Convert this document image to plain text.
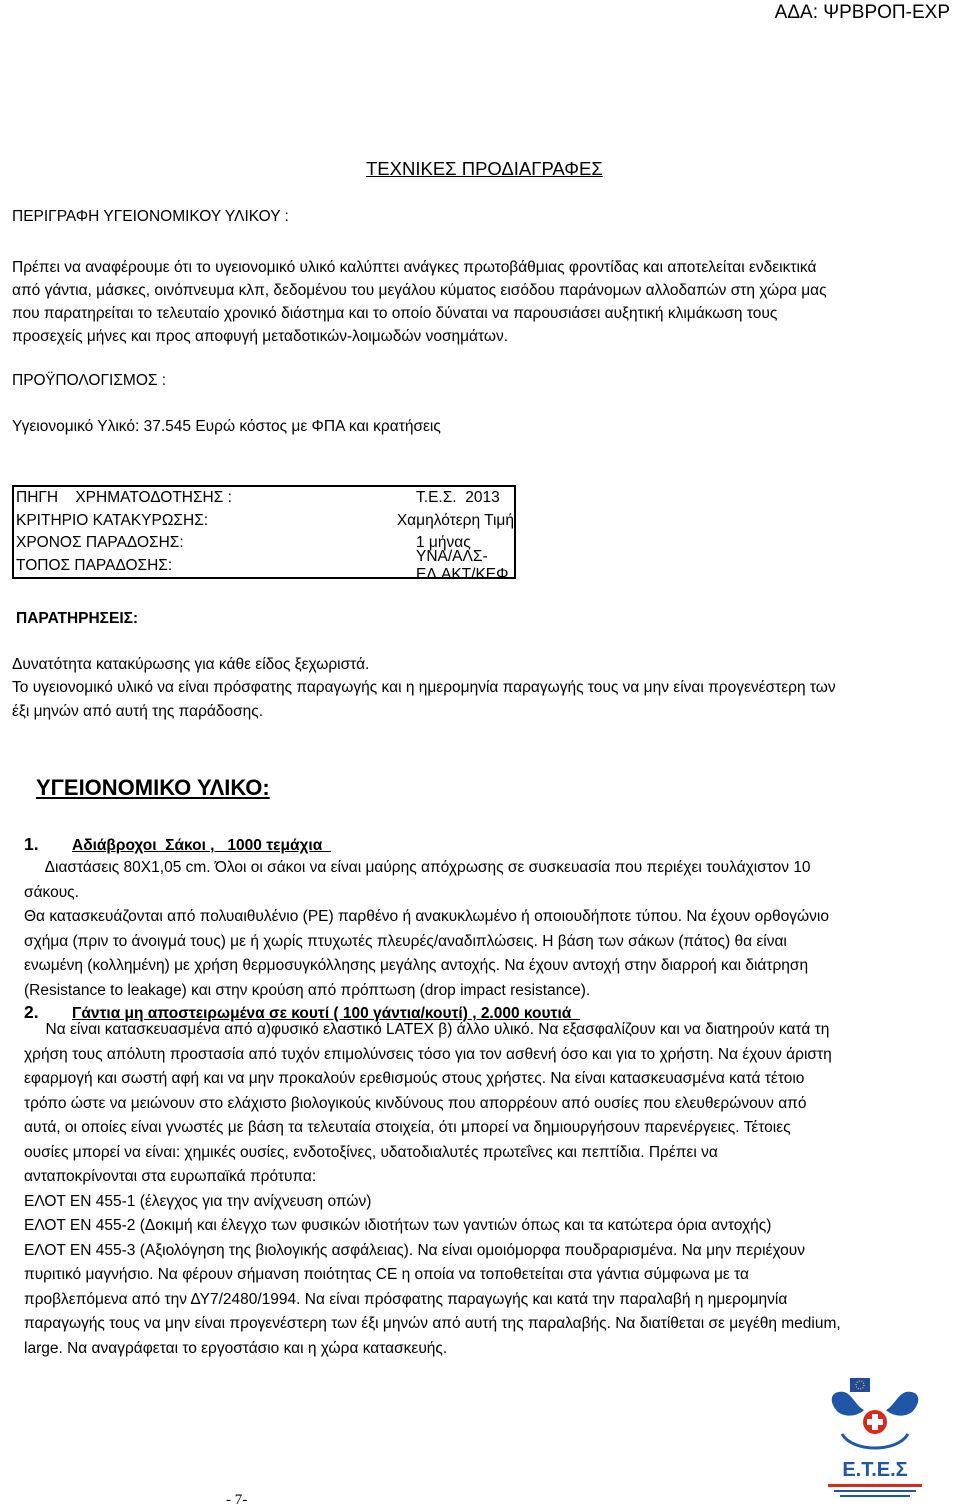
ΑΔΑ: ΨΡΒΡΟΠ-ΕΧΡ
ΤΕΧΝΙΚΕΣ ΠΡΟΔΙΑΓΡΑΦΕΣ
ΠΕΡΙΓΡΑΦΗ ΥΓΕΙΟΝΟΜΙΚΟΥ ΥΛΙΚΟΥ :

Πρέπει να αναφέρουμε ότι το υγειονομικό υλικό καλύπτει ανάγκες πρωτοβάθμιας φροντίδας και αποτελείται ενδεικτικά

από γάντια, μάσκες, οινόπνευμα κλπ, δεδομένου του μεγάλου κύματος εισόδου παράνομων αλλοδαπών στη χώρα μας

που παρατηρείται το τελευταίο χρονικό διάστημα και το οποίο δύναται να παρουσιάσει αυξητική κλιμάκωση τους

προσεχείς μήνες και προς αποφυγή μεταδοτικών-λοιμωδών νοσημάτων.

ΠΡΟΫΠΟΛΟΓΙΣΜΟΣ :
Υγειονομικό Υλικό: 37.545 Ευρώ κόστος με ΦΠΑ και κρατήσεις
ΠΗΓΗ    ΧΡΗΜΑΤΟΔΟΤΗΣΗΣ :	Τ.Ε.Σ.  2013
ΚΡΙΤΗΡΙΟ ΚΑΤΑΚΥΡΩΣΗΣ:	Χαμηλότερη Τιμή
ΧΡΟΝΟΣ ΠΑΡΑΔΟΣΗΣ:	1 μήνας
ΤΟΠΟΣ ΠΑΡΑΔΟΣΗΣ:
ΥΝΑ/ΑΛΣ-ΕΛ.ΑΚΤ/ΚΕΦ
ΠΑΡΑΤΗΡΗΣΕΙΣ:
Δυνατότητα κατακύρωσης για κάθε είδος ξεχωριστά.
Το υγειονομικό υλικό να είναι πρόσφατης παραγωγής και η ημερομηνία παραγωγής τους να μην είναι προγενέστερη των
έξι μηνών από αυτή της παράδοσης.
ΥΓΕΙΟΝΟΜΙΚΟ ΥΛΙΚΟ:
1. Αδιάβροχοι  Σάκοι ,   1000 τεμάχια
Διαστάσεις 80Χ1,05 cm. Όλοι οι σάκοι να είναι μαύρης απόχρωσης σε συσκευασία που περιέχει τουλάχιστον 10
σάκους.
Θα κατασκευάζονται από πολυαιθυλένιο (PE) παρθένο ή ανακυκλωμένο ή οποιουδήποτε τύπου. Να έχουν ορθογώνιο
σχήμα (πριν το άνοιγμά τους) με ή χωρίς πτυχωτές πλευρές/αναδιπλώσεις. Η βάση των σάκων (πάτος) θα είναι
ενωμένη (κολλημένη) με χρήση θερμοσυγκόλλησης μεγάλης αντοχής. Να έχουν αντοχή στην διαρροή και διάτρηση
(Resistance to leakage) και στην κρούση από πρόπτωση (drop impact resistance).
2. Γάντια μη αποστειρωμένα σε κουτί ( 100 γάντια/κουτί) , 2.000 κουτιά
Να είναι κατασκευασμένα από α)φυσικό ελαστικό LATEX β) άλλο υλικό. Να εξασφαλίζουν και να διατηρούν κατά τη
χρήση τους απόλυτη προστασία από τυχόν επιμολύνσεις τόσο για τον ασθενή όσο και για το χρήστη. Να έχουν άριστη
εφαρμογή και σωστή αφή και να μην προκαλούν ερεθισμούς στους χρήστες. Να είναι κατασκευασμένα κατά τέτοιο
τρόπο ώστε να μειώνουν στο ελάχιστο βιολογικούς κινδύνους που απορρέουν από ουσίες που ελευθερώνουν από
αυτά, οι οποίες είναι γνωστές με βάση τα τελευταία στοιχεία, ότι μπορεί να δημιουργήσουν παρενέργειες. Τέτοιες
ουσίες μπορεί να είναι: χημικές ουσίες, ενδοτοξίνες, υδατοδιαλυτές πρωτεΐνες και πεπτίδια. Πρέπει να
ανταποκρίνονται στα ευρωπαϊκά πρότυπα:
ΕΛΟΤ ΕΝ 455-1 (έλεγχος για την ανίχνευση οπών)
ΕΛΟΤ ΕΝ 455-2 (Δοκιμή και έλεγχο των φυσικών ιδιοτήτων των γαντιών όπως και τα κατώτερα όρια αντοχής)
ΕΛΟΤ ΕΝ 455-3 (Αξιολόγηση της βιολογικής ασφάλειας). Να είναι ομοιόμορφα πουδραρισμένα. Να μην περιέχουν
πυριτικό μαγνήσιο. Να φέρουν σήμανση ποιότητας CE η οποία να τοποθετείται στα γάντια σύμφωνα με τα
προβλεπόμενα από την ΔΥ7/2480/1994. Να είναι πρόσφατης παραγωγής και κατά την παραλαβή η ημερομηνία
παραγωγής τους να μην είναι προγενέστερη των έξι μηνών από αυτή της παραλαβής. Να διατίθεται σε μεγέθη medium,
large. Να αναγράφεται το εργοστάσιο και η χώρα κατασκευής.
Ε.Τ.Ε.Σ
- 7-
